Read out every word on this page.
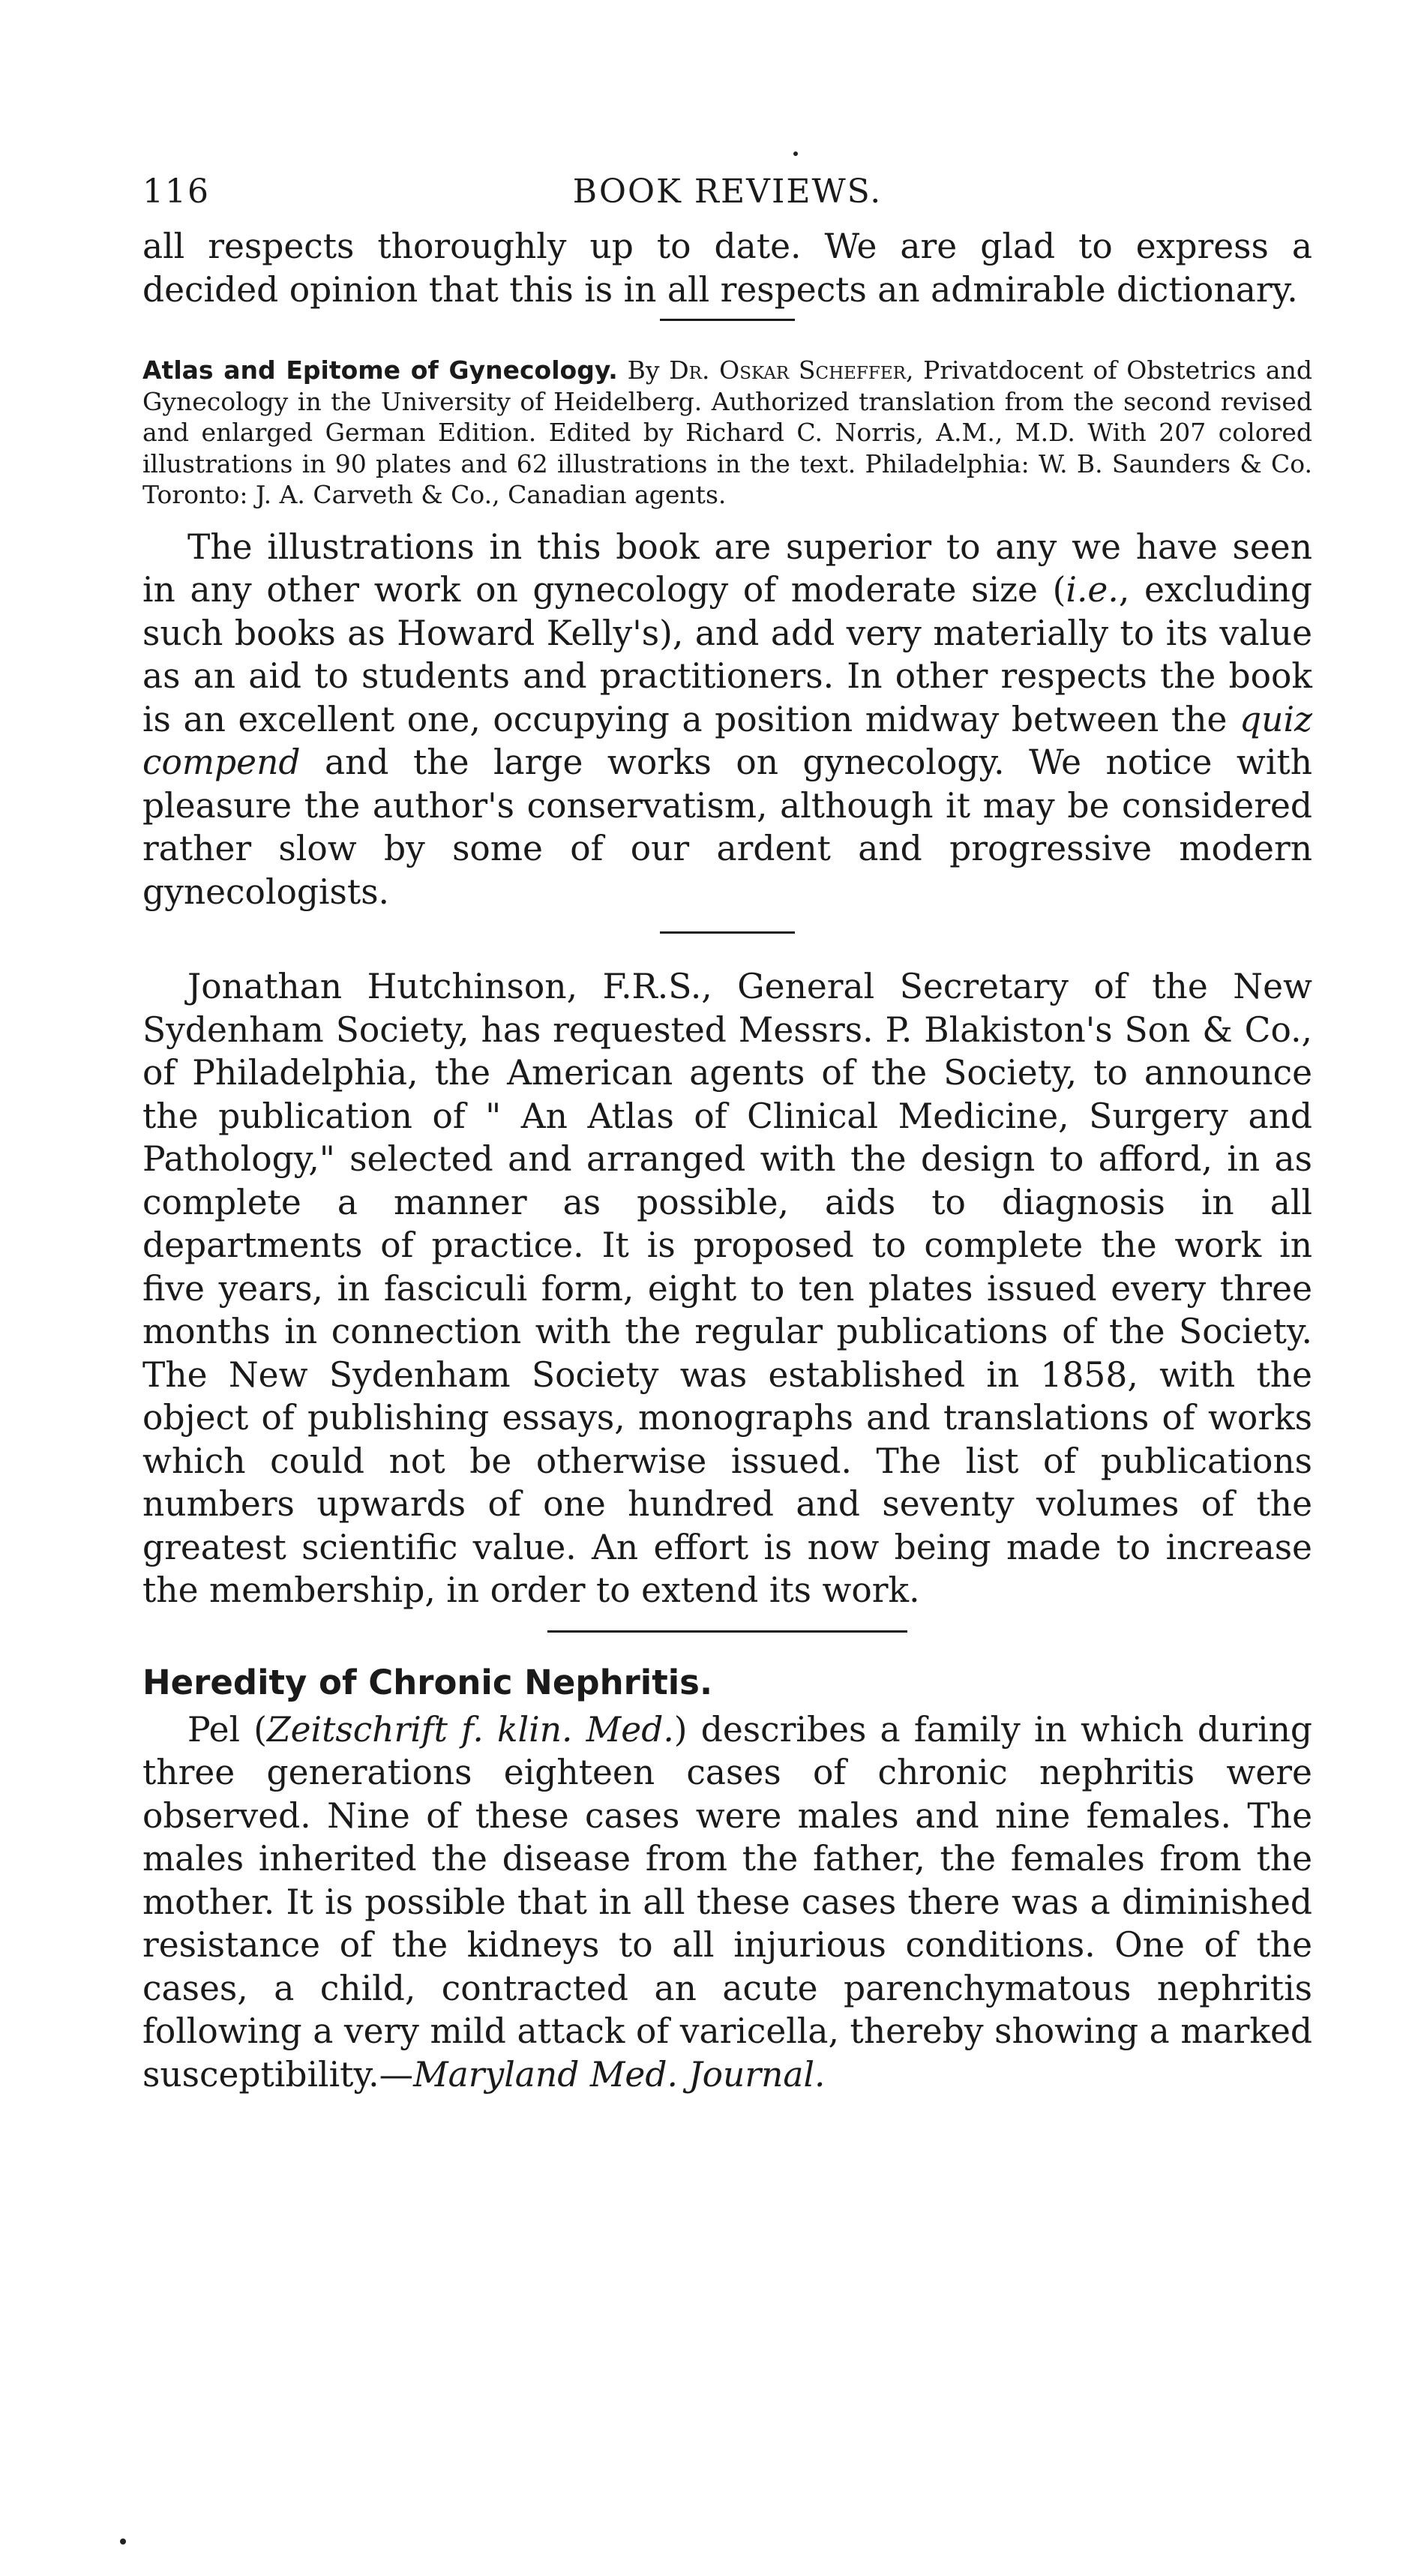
116	BOOK REVIEWS.

all respects thoroughly up to date. We are glad to express a decided opinion that this is in all respects an admirable dictionary.

Atlas and Epitome of Gynecology. By Dr. Oskar Scheffer, Privatdocent of Obstetrics and Gynecology in the University of Heidelberg. Authorized translation from the second revised and enlarged German Edition. Edited by Richard C. Norris, A.M., M.D. With 207 colored illustrations in 90 plates and 62 illustrations in the text. Philadelphia: W. B. Saunders & Co. Toronto: J. A. Carveth & Co., Canadian agents.

The illustrations in this book are superior to any we have seen in any other work on gynecology of moderate size (i.e., excluding such books as Howard Kelly's), and add very materially to its value as an aid to students and practitioners. In other respects the book is an excellent one, occupying a position midway between the quiz compend and the large works on gynecology. We notice with pleasure the author's conservatism, although it may be considered rather slow by some of our ardent and progressive modern gynecologists.

Jonathan Hutchinson, F.R.S., General Secretary of the New Sydenham Society, has requested Messrs. P. Blakiston's Son & Co., of Philadelphia, the American agents of the Society, to announce the publication of " An Atlas of Clinical Medicine, Surgery and Pathology," selected and arranged with the design to afford, in as complete a manner as possible, aids to diagnosis in all departments of practice. It is proposed to complete the work in five years, in fasciculi form, eight to ten plates issued every three months in connection with the regular publications of the Society. The New Sydenham Society was established in 1858, with the object of publishing essays, monographs and translations of works which could not be otherwise issued. The list of publications numbers upwards of one hundred and seventy volumes of the greatest scientific value. An effort is now being made to increase the membership, in order to extend its work.

Heredity of Chronic Nephritis.

Pel (Zeitschrift f. klin. Med.) describes a family in which during three generations eighteen cases of chronic nephritis were observed. Nine of these cases were males and nine females. The males inherited the disease from the father, the females from the mother. It is possible that in all these cases there was a diminished resistance of the kidneys to all injurious conditions. One of the cases, a child, contracted an acute parenchymatous nephritis following a very mild attack of varicella, thereby showing a marked susceptibility.—Maryland Med. Journal.
